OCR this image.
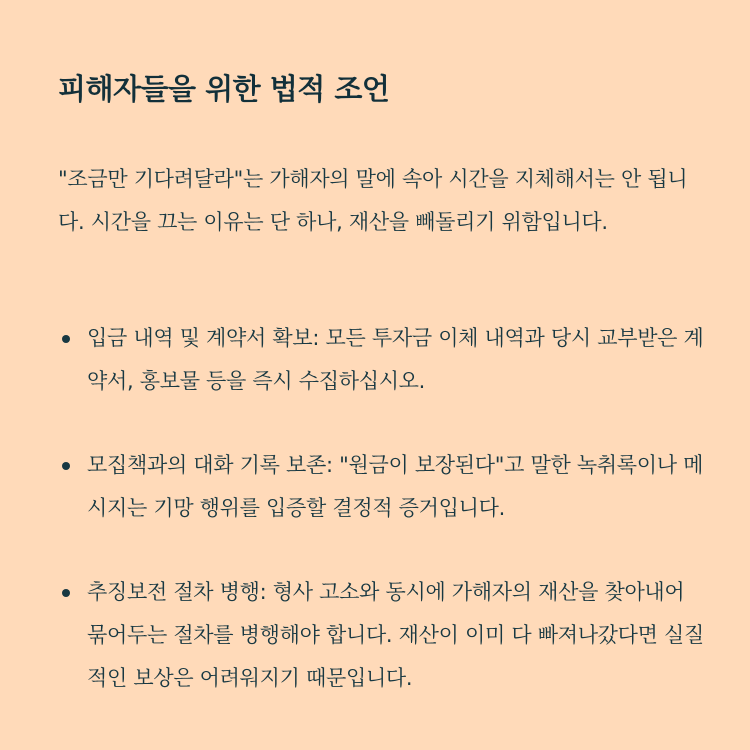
피해자들을 위한 법적 조언

"조금만 기다려달라"는 가해자의 말에 속아 시간을 지체해서는 안 됩니다. 시간을 끄는 이유는 단 하나, 재산을 빼돌리기 위함입니다.

입금 내역 및 계약서 확보: 모든 투자금 이체 내역과 당시 교부받은 계약서, 홍보물 등을 즉시 수집하십시오.
모집책과의 대화 기록 보존: "원금이 보장된다"고 말한 녹취록이나 메시지는 기망 행위를 입증할 결정적 증거입니다.
추징보전 절차 병행: 형사 고소와 동시에 가해자의 재산을 찾아내어 묶어두는 절차를 병행해야 합니다. 재산이 이미 다 빠져나갔다면 실질적인 보상은 어려워지기 때문입니다.
